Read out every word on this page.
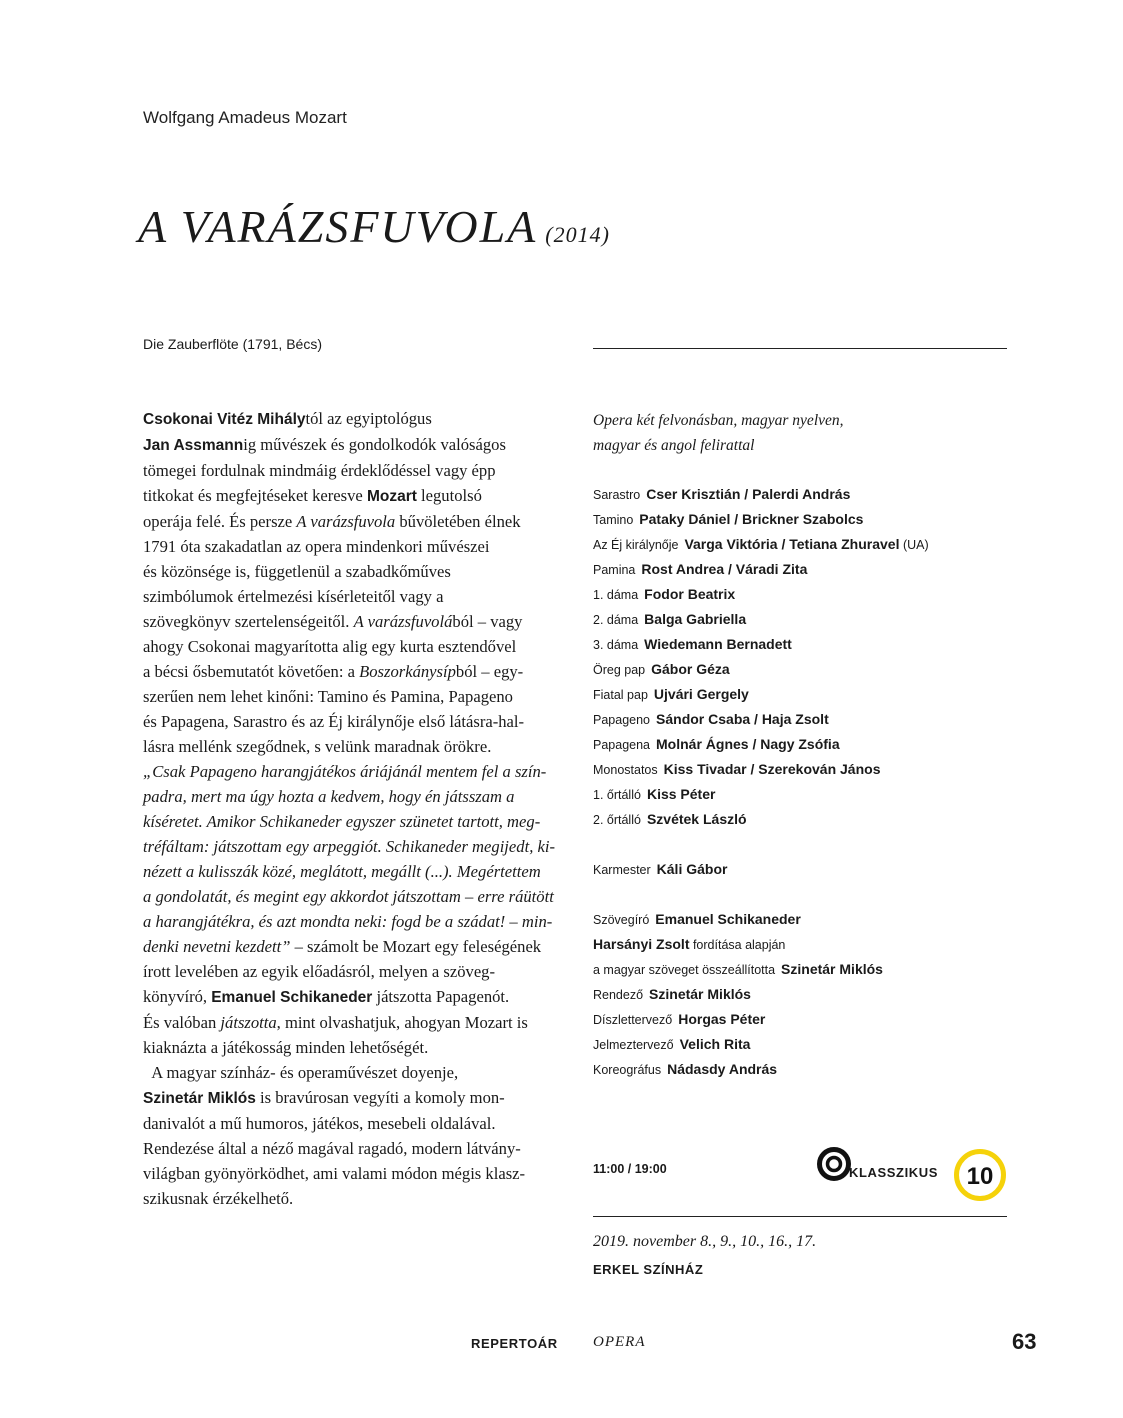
Wolfgang Amadeus Mozart
A VARÁZSFUVOLA (2014)
Die Zauberflöte (1791, Bécs)

Csokonai Vitéz Mihálytól az egyiptológus
Jan Assmannig művészek és gondolkodók valóságos
tömegei fordulnak mindmáig érdeklődéssel vagy épp
titkokat és megfejtéseket keresve Mozart legutolsó
operája felé. És persze A varázsfuvola bűvöletében élnek
1791 óta szakadatlan az opera mindenkori művészei
és közönsége is, függetlenül a szabadkőműves
szimbólumok értelmezési kísérleteitől vagy a
szövegkönyv szertelenségeitől. A varázsfuvolából – vagy
ahogy Csokonai magyarította alig egy kurta esztendővel
a bécsi ősbemutatót követően: a Boszorkánysípból – egy-
szerűen nem lehet kinőni: Tamino és Pamina, Papageno
és Papagena, Sarastro és az Éj királynője első látásra-hal-
lásra mellénk szegődnek, s velünk maradnak örökre.
„Csak Papageno harangjátékos áriájánál mentem fel a szín-
padra, mert ma úgy hozta a kedvem, hogy én játsszam a
kíséretet. Amikor Schikaneder egyszer szünetet tartott, meg-
tréfáltam: játszottam egy arpeggiót. Schikaneder megijedt, ki-
nézett a kulisszák közé, meglátott, megállt (...). Megértettem
a gondolatát, és megint egy akkordot játszottam – erre ráütött
a harangjátékra, és azt mondta neki: fogd be a szádat! – min-
denki nevetni kezdett” – számolt be Mozart egy feleségének
írott levelében az egyik előadásról, melyen a szöveg-
könyvíró, Emanuel Schikaneder játszotta Papagenót.
És valóban játszotta, mint olvashatjuk, ahogyan Mozart is
kiaknázta a játékosság minden lehetőségét.

A magyar színház- és operaművészet doyenje,
Szinetár Miklós is bravúrosan vegyíti a komoly mon-
danivalót a mű humoros, játékos, mesebeli oldalával.
Rendezése által a néző magával ragadó, modern látvány-
világban gyönyörködhet, ami valami módon mégis klasz-
szikusnak érzékelhető.

Opera két felvonásban, magyar nyelven,
magyar és angol felirattal
Sarastro Cser Krisztián / Palerdi András
Tamino Pataky Dániel / Brickner Szabolcs
Az Éj királynője Varga Viktória / Tetiana Zhuravel (UA)
Pamina Rost Andrea / Váradi Zita
1. dáma Fodor Beatrix
2. dáma Balga Gabriella
3. dáma Wiedemann Bernadett
Öreg pap Gábor Géza
Fiatal pap Ujvári Gergely
Papageno Sándor Csaba / Haja Zsolt
Papagena Molnár Ágnes / Nagy Zsófia
Monostatos Kiss Tivadar / Szerekován János
1. őrtálló Kiss Péter
2. őrtálló Szvétek László
Karmester Káli Gábor
Szövegíró Emanuel Schikaneder
Harsányi Zsolt fordítása alapján
a magyar szöveget összeállította Szinetár Miklós
Rendező Szinetár Miklós
Díszlettervező Horgas Péter
Jelmeztervező Velich Rita
Koreográfus Nádasdy András
11:00 / 19:00	KLASSZIKUS 10
2019. november 8., 9., 10., 16., 17.
ERKEL SZÍNHÁZ
REPERTOÁR OPERA	63
